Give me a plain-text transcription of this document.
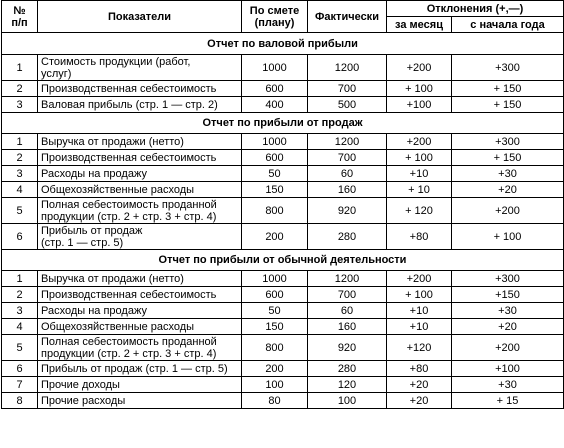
№
п/п	Показатели	По смете
(плану)	Фактически	Отклонения (+,—)	
				за месяц	с начала года
Отчет по валовой прибыли					
1	Стоимость продукции (работ,
услуг)	1000	1200	+200	+300
2	Производственная себестоимость	600	700	+ 100	+ 150
3	Валовая прибыль (стр. 1 — стр. 2)	400	500	+100	+ 150
Отчет по прибыли от продаж					
1	Выручка от продажи (нетто)	1000	1200	+200	+300
2	Производственная себестоимость	600	700	+ 100	+ 150
3	Расходы на продажу	50	60	+10	+30
4	Общехозяйственные расходы	150	160	+ 10	+20
5	Полная себестоимость проданной
продукции (стр. 2 + стр. 3 + стр. 4)	800	920	+ 120	+200
6	Прибыль от продаж
(стр. 1 — стр. 5)	200	280	+80	+ 100
Отчет по прибыли от обычной деятельности					
1	Выручка от продажи (нетто)	1000	1200	+200	+300
2	Производственная себестоимость	600	700	+ 100	+150
3	Расходы на продажу	50	60	+10	+30
4	Общехозяйственные расходы	150	160	+10	+20
5	Полная себестоимость проданной
продукции (стр. 2 + стр. 3 + стр. 4)	800	920	+120	+200
6	Прибыль от продаж (стр. 1 — стр. 5)	200	280	+80	+100
7	Прочие доходы	100	120	+20	+30
8	Прочие расходы	80	100	+20	+ 15
